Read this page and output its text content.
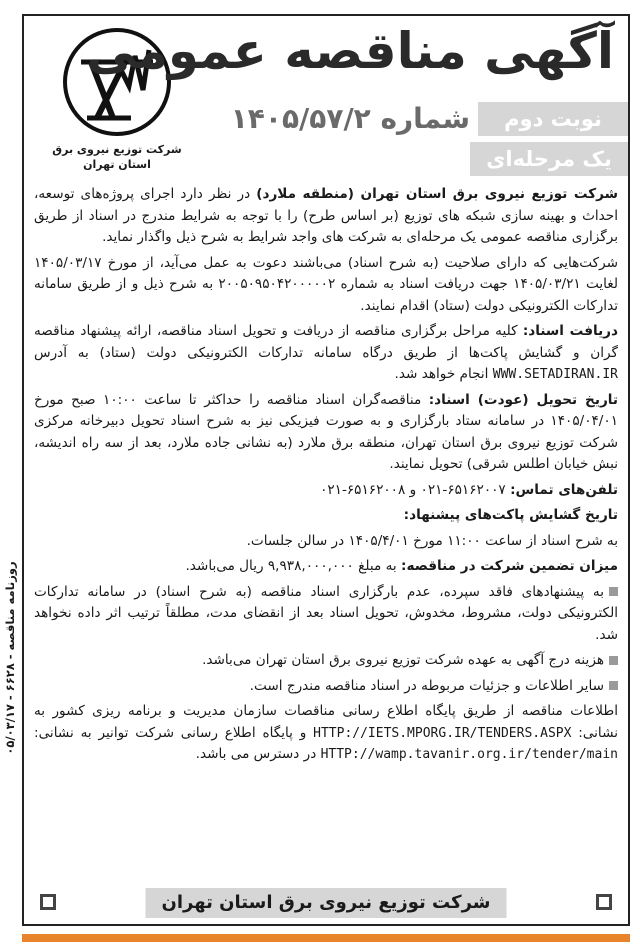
روزنامه مناقصه - ۶۶۲۸ - ۰۵/۰۳/۱۷
شرکت توزیع نیروی برق
استان تهران
آگهی مناقصه عمومی
نوبت دوم
شماره ۱۴۰۵/۵۷/۲
یک مرحله‌ای

شرکت توزیع نیروی برق استان تهران (منطقه ملارد) در نظر دارد اجرای پروژه‌های توسعه، احداث و بهینه سازی شبکه های توزیع (بر اساس طرح) را با توجه به شرایط مندرج در اسناد از طریق برگزاری مناقصه عمومی یک مرحله‌ای به شرکت های واجد شرایط به شرح ذیل واگذار نماید.

شرکت‌هایی که دارای صلاحیت (به شرح اسناد) می‌باشند دعوت به عمل می‌آید، از مورخ ۱۴۰۵/۰۳/۱۷ لغایت ۱۴۰۵/۰۳/۲۱ جهت دریافت اسناد به شماره ۲۰۰۵۰۹۵۰۴۲۰۰۰۰۰۲ به شرح ذیل و از طریق سامانه تدارکات الکترونیکی دولت (ستاد) اقدام نمایند.

دریافت اسناد: کلیه مراحل برگزاری مناقصه از دریافت و تحویل اسناد مناقصه، ارائه پیشنهاد مناقصه گران و گشایش پاکت‌ها از طریق درگاه سامانه تدارکات الکترونیکی دولت (ستاد) به آدرس WWW.SETADIRAN.IR انجام خواهد شد.

تاریخ تحویل (عودت) اسناد: مناقصه‌گران اسناد مناقصه را حداکثر تا ساعت ۱۰:۰۰ صبح مورخ ۱۴۰۵/۰۴/۰۱ در سامانه ستاد بارگزاری و به صورت فیزیکی نیز به شرح اسناد تحویل دبیرخانه مرکزی شرکت توزیع نیروی برق استان تهران، منطقه برق ملارد (به نشانی جاده ملارد، بعد از سه راه اندیشه، نبش خیابان اطلس شرقی) تحویل نمایند.

تلفن‌های تماس: ۶۵۱۶۲۰۰۷-۰۲۱ و ۶۵۱۶۲۰۰۸-۰۲۱

تاریخ گشایش پاکت‌های پیشنهاد:

به شرح اسناد از ساعت ۱۱:۰۰ مورخ ۱۴۰۵/۴/۰۱ در سالن جلسات.

میزان تضمین شرکت در مناقصه: به مبلغ ۹,۹۳۸,۰۰۰,۰۰۰ ریال می‌باشد.

به پیشنهادهای فاقد سپرده، عدم بارگزاری اسناد مناقصه (به شرح اسناد) در سامانه تدارکات الکترونیکی دولت، مشروط، مخدوش، تحویل اسناد بعد از انقضای مدت، مطلقاً ترتیب اثر داده نخواهد شد.

هزینه درج آگهی به عهده شرکت توزیع نیروی برق استان تهران می‌باشد.

سایر اطلاعات و جزئیات مربوطه در اسناد مناقصه مندرج است.

اطلاعات مناقصه از طریق پایگاه اطلاع رسانی مناقصات سازمان مدیریت و برنامه ریزی کشور به نشانی: HTTP://IETS.MPORG.IR/TENDERS.ASPX و پایگاه اطلاع رسانی شرکت توانیر به نشانی: HTTP://wamp.tavanir.org.ir/tender/main در دسترس می باشد.

شرکت توزیع نیروی برق استان تهران
